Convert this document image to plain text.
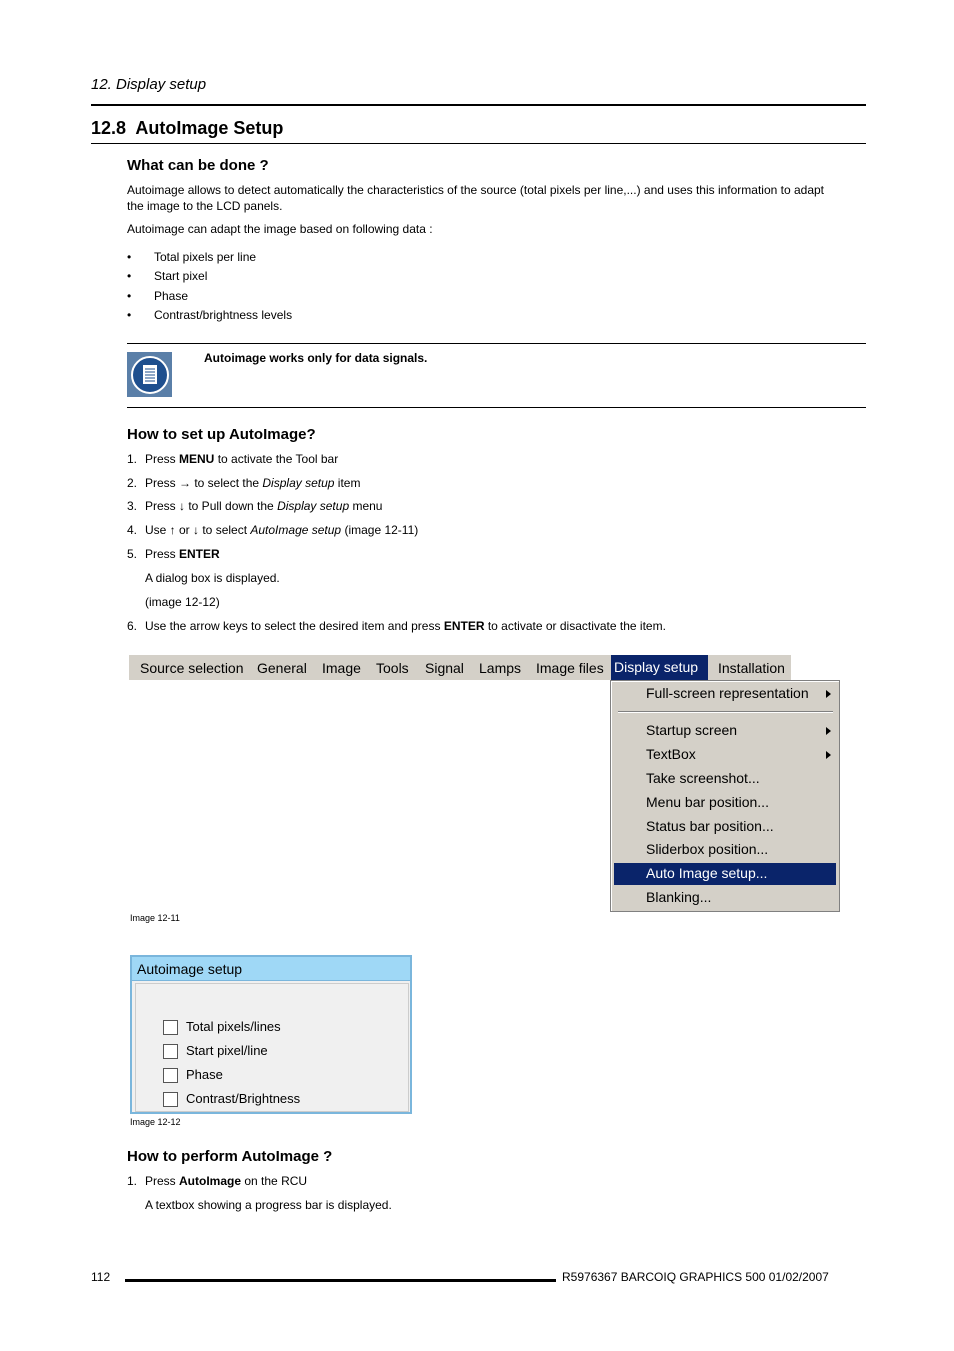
12. Display setup
12.8 AutoImage Setup
What can be done ?
Autoimage allows to detect automatically the characteristics of the source (total pixels per line,...) and uses this information to adapt
the image to the LCD panels.
Autoimage can adapt the image based on following data :
• Total pixels per line
• Start pixel
• Phase
• Contrast/brightness levels
Autoimage works only for data signals.
How to set up AutoImage?
1. Press MENU to activate the Tool bar
2. Press → to select the Display setup item
3. Press ↓ to Pull down the Display setup menu
4. Use ↑ or ↓ to select AutoImage setup (image 12-11)
5. Press ENTER
A dialog box is displayed.
(image 12-12)
6. Use the arrow keys to select the desired item and press ENTER to activate or disactivate the item.
Source selection General Image Tools Signal Lamps Image files Display setup	Installation
Full-screen representation
Startup screen
TextBox
Take screenshot...
Menu bar position...
Status bar position...
Sliderbox position...
Auto Image setup...
Blanking...
Image 12-11
Autoimage setup
Total pixels/lines
Start pixel/line
Phase
Contrast/Brightness
Image 12-12
How to perform AutoImage ?
1. Press AutoImage on the RCU
A textbox showing a progress bar is displayed.
112	R5976367 BARCOIQ GRAPHICS 500 01/02/2007
